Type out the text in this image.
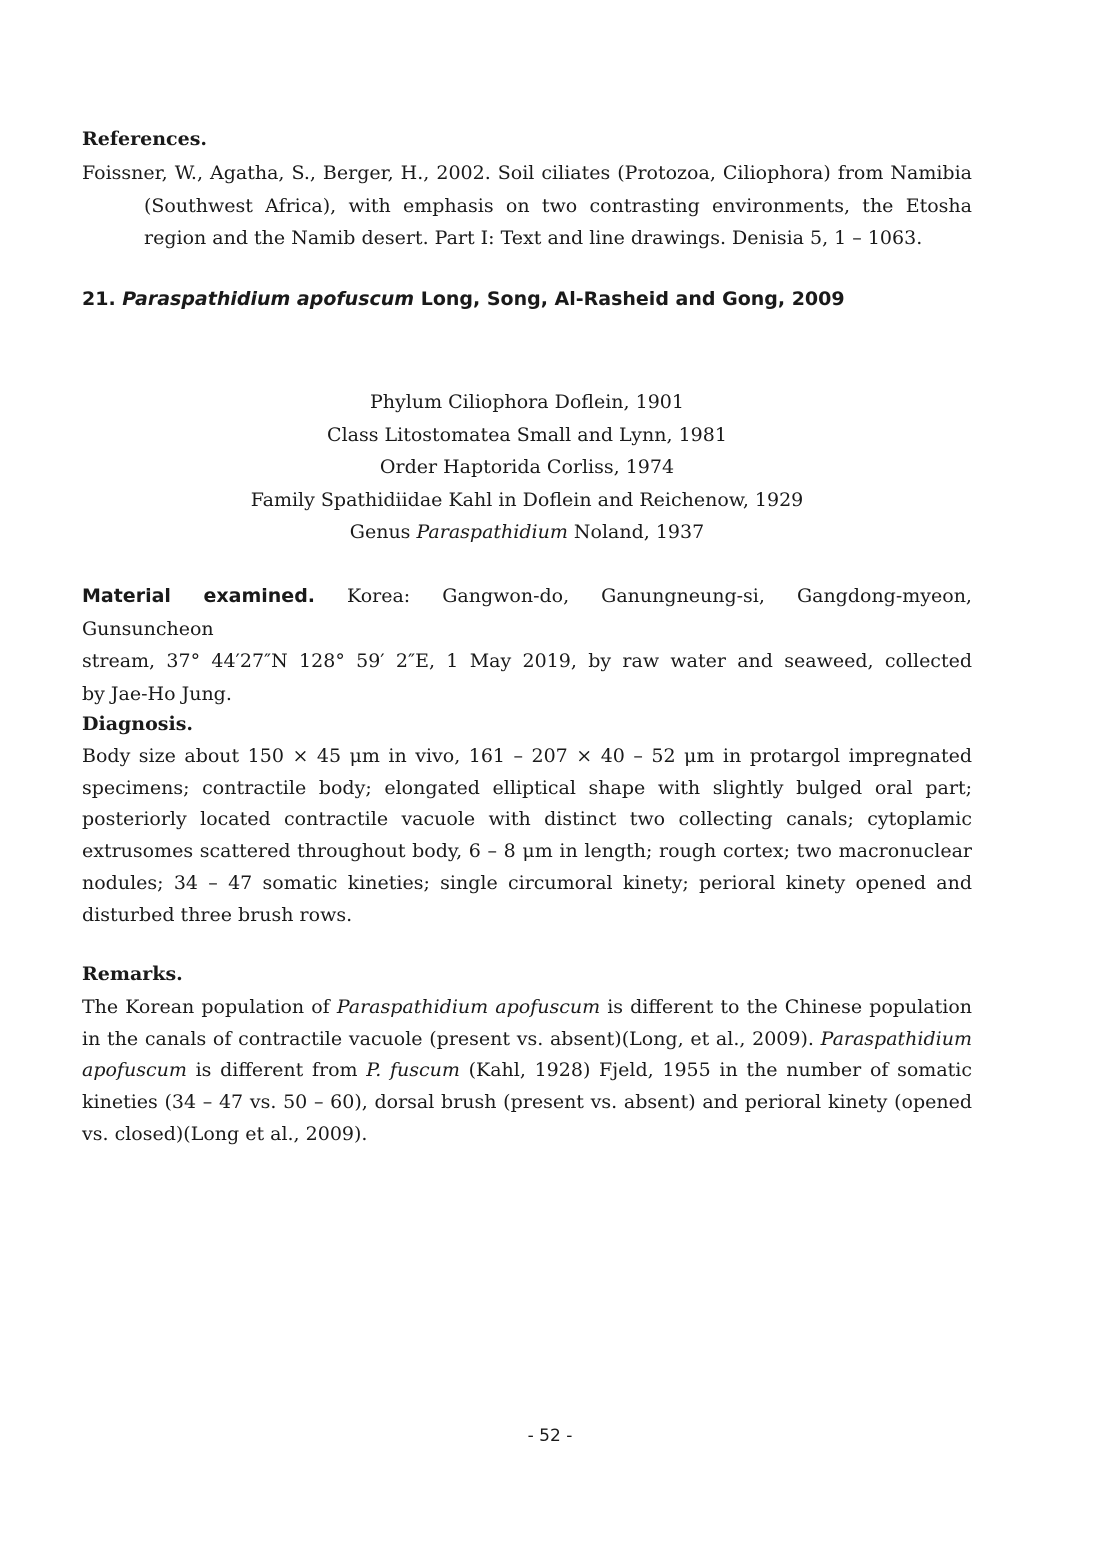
References.

Foissner, W., Agatha, S., Berger, H., 2002. Soil ciliates (Protozoa, Ciliophora) from Namibia
(Southwest Africa), with emphasis on two contrasting environments, the Etosha
region and the Namib desert. Part I: Text and line drawings. Denisia 5, 1 – 1063.

21. Paraspathidium apofuscum Long, Song, Al-Rasheid and Gong, 2009
Phylum Ciliophora Doflein, 1901
Class Litostomatea Small and Lynn, 1981
Order Haptorida Corliss, 1974
Family Spathidiidae Kahl in Doflein and Reichenow, 1929
Genus Paraspathidium Noland, 1937

Material examined. Korea: Gangwon-do, Ganungneung-si, Gangdong-myeon, Gunsuncheon
stream, 37° 44′27″N 128° 59′ 2″E, 1 May 2019, by raw water and seaweed, collected
by Jae-Ho Jung.

Diagnosis.

Body size about 150 × 45 μm in vivo, 161 – 207 × 40 – 52 μm in protargol impregnated
specimens; contractile body; elongated elliptical shape with slightly bulged oral part;
posteriorly located contractile vacuole with distinct two collecting canals; cytoplamic
extrusomes scattered throughout body, 6 – 8 μm in length; rough cortex; two macronuclear
nodules; 34 – 47 somatic kineties; single circumoral kinety; perioral kinety opened and
disturbed three brush rows.

Remarks.

The Korean population of Paraspathidium apofuscum is different to the Chinese population
in the canals of contractile vacuole (present vs. absent)(Long, et al., 2009). Paraspathidium
apofuscum is different from P. fuscum (Kahl, 1928) Fjeld, 1955 in the number of somatic
kineties (34 – 47 vs. 50 – 60), dorsal brush (present vs. absent) and perioral kinety (opened
vs. closed)(Long et al., 2009).

- 52 -
